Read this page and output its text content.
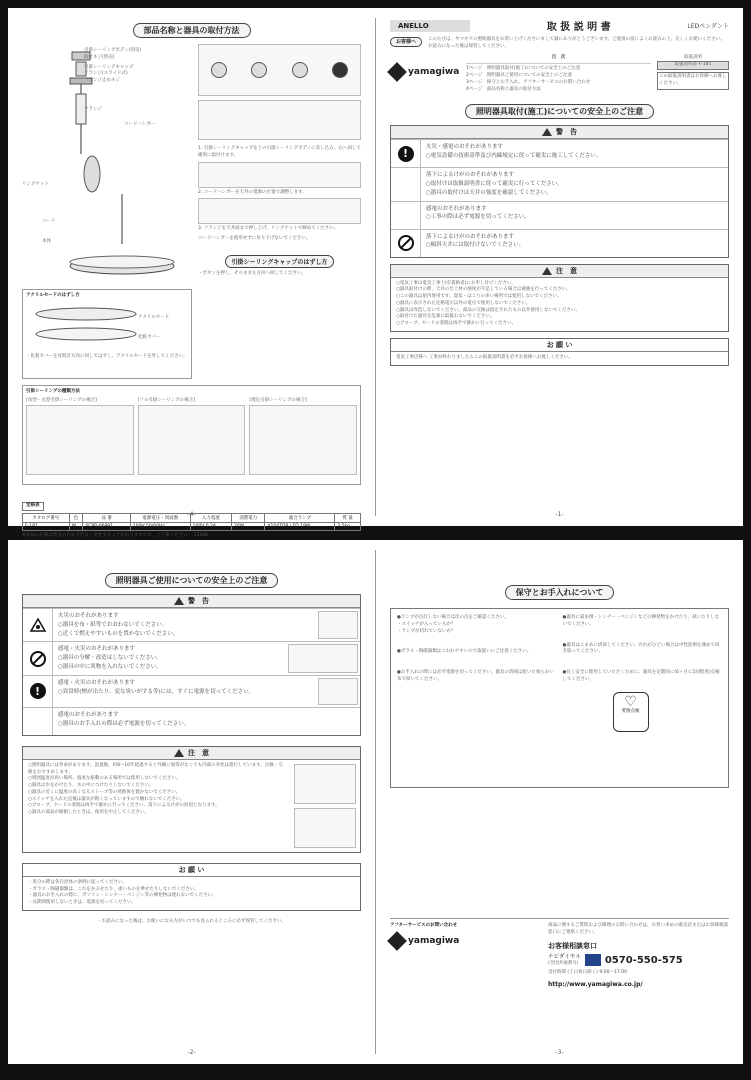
部品名称と器具の取付方法
引掛シーリングボディ(別売)
取付ネジ(別売)
引掛シーリングキャップ
フランジ(スライド式)
フランジ止めネジ
フランジ
コードハンガー
リングナット
コード
本体
1. 引掛シーリングキャップを上の引掛シーリングボディに差し込み、右へ回して確実に取付けます。
2. コードハンガーを天井の電源の位置で調整します。
3. フランジを天井面まで押し上げ、リングナットで締めてください。
コードハンガーを使用せずに吊り下げないでください。
引掛シーリングキャップのはずし方
・ボタンを押し、そのまま左方向へ回してください。
アクリルセードのはずし方
アクリルセード
化粧カバー
・化粧カバーを反時計方向に回してはずし、アクリルセードを外してください。
引掛シーリングの種類方法
[角型・丸型引掛シーリングの場合]	[フル引掛シーリングの場合]	[埋込引掛シーリングの場合]
定格表
カタログ番号	色	品 番	電源電圧・周波数	入力電流	消費電力	適合ランプ	質 量
F-181	W	SCPR-06891	100V 50/60Hz	100V 0.2A	20W	X104TOR LED 19W	3.5kg
※本品の仕様は改良のため予告なく変更することがありますので、ご了承ください。 1310A
-4-
ANELLO	取 扱 説 明 書	LEDペンダント
お客様へ	このたびは、ヤマギワの照明器具をお買い上げくださいまして誠にありがとうございます。ご使用の前によくお読みの上、正しくお使いください。お読みになった後は保管してください。
yamagiwa
目　次
1ページ　照明器具取付(施工)についての安全上のご注意
2ページ　照明器具ご使用についての安全上のご注意
3ページ　保守とお手入れ、アフターサービスのお問い合わせ
4ページ　部品名称と器具の取付方法
取扱説明
取扱説明書 F-181
この取扱説明書はお客様へお渡しください。
照明器具取付(施工)についての安全上のご注意
警　告
!	火災・感電のおそれがあります
○電気設備の技術基準及び内線規定に従って確実に施工してください。
落下によるけがのおそれがあります
○取付けは取扱説明書に従って確実に行ってください。
○器具の取付けは天井の強度を確認してください。
感電のおそれがあります
○工事の際は必ず電源を切ってください。
落下によるけがのおそれがあります
○傾斜天井には取付けないでください。
注　意
○電気工事は電気工事士(有資格者)にお申し付けください。
○器具取付けの際、天井の仕上材の強度が不足している場合は補強を行ってください。
○この器具は屋内専用です。湿気・ほこりの多い場所では使用しないでください。
○器具に表示された定格電圧以外の電圧で使用しないでください。
○器具は改造しないでください。部品の交換は指定されたもの以外使用しないでください。
○取付けた器具を乱暴に取扱わないでください。
○グローブ、セードの着脱は両手で静かに行ってください。
お 願 い
電気工事店様へ 工事が終わりましたらこの取扱説明書を必ずお客様へお渡しください。
-1-
照明器具ご使用についての安全上のご注意
警　告
火災のおそれがあります
○器具を布・紙等でおおわないでください。
○近くで燃えやすいものを置かないでください。
感電・火災のおそれがあります
○器具の分解・改造はしないでください。
○器具の中に異物を入れないでください。
!
感電・火災のおそれがあります
○異常時(煙が出たり、変な臭いがする等)には、すぐに電源を切ってください。
感電のおそれがあります
○器具のお手入れの際は必ず電源を切ってください。
注　意
○照明器具には寿命があります。設置後、約8〜10年経過すると外観に異常がなくても内部の劣化は進行しています。点検・交換をおすすめします。
○周囲温度が高い場所、過度な振動のある場所では使用しないでください。
○器具は水をかけたり、水の中につけたりしないでください。
○器具の近くに温度の高くなるストーブ等の発熱体を置かないでください。
○スイッチを入れた直後は器具が熱くなっていますので触れないでください。
○グローブ、セードの着脱は両手で静かに行ってください。落下によるけがの原因となります。
○器具の部品が破損したときは、使用を中止してください。
お 願 い
・処分の際は各自治体の条例に従ってください。
・ガラス・陶磁器類は、これをかぶせたり、重いものを乗せたりしないでください。
・器具のお手入れの際に、ガソリン・シンナー・ベンジン等の揮発物は使わないでください。
・長期間使用しないときは、電源を切ってください。
・お読みになった後は、お使いになる方がいつでも見られるところに必ず保管してください。
-2-
保守とお手入れについて
●ランプが点灯しない場合は次の点をご確認ください。
・スイッチが入っているか？
・ランプが切れていないか？
●ガラス・陶磁器類はこわれやすいので取扱いにご注意ください。
●お手入れの際には必ず電源を切ってください。器具の清掃は乾いた柔らかい布で拭いてください。
●器具に殺虫剤・シンナー・ベンジンなどの揮発物をかけたり、拭いたりしないでください。
●器具はこまめに清掃してください。汚れがひどい場合は中性洗剤を薄めて拭き取ってください。
●長く安全に使用していただくために、器具を定期的に(6ヶ月に1回程度)点検してください。
♡
愛情点検
アフターサービスのお問い合わせ
yamagiwa
商品に関するご質問および修理のお問い合わせは、お買い求めの販売店またはお客様相談窓口にご連絡ください。
お客様相談窓口
ナビダイヤル
(全国共通番号)	0570-550-575
受付時間 (土日祝日除く) 9:00〜17:00
http://www.yamagiwa.co.jp/
-3-
